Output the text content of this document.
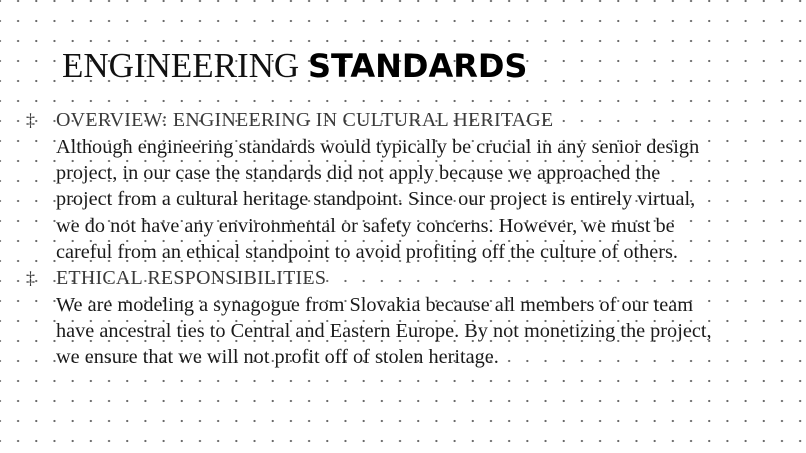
ENGINEERING STANDARDS
‡ OVERVIEW: ENGINEERING IN CULTURAL HERITAGE
Although engineering standards would typically be crucial in any senior design
project, in our case the standards did not apply because we approached the
project from a cultural heritage standpoint. Since our project is entirely virtual,
we do not have any environmental or safety concerns. However, we must be
careful from an ethical standpoint to avoid profiting off the culture of others.
‡ ETHICAL RESPONSIBILITIES
We are modeling a synagogue from Slovakia because all members of our team
have ancestral ties to Central and Eastern Europe. By not monetizing the project,
we ensure that we will not profit off of stolen heritage.
